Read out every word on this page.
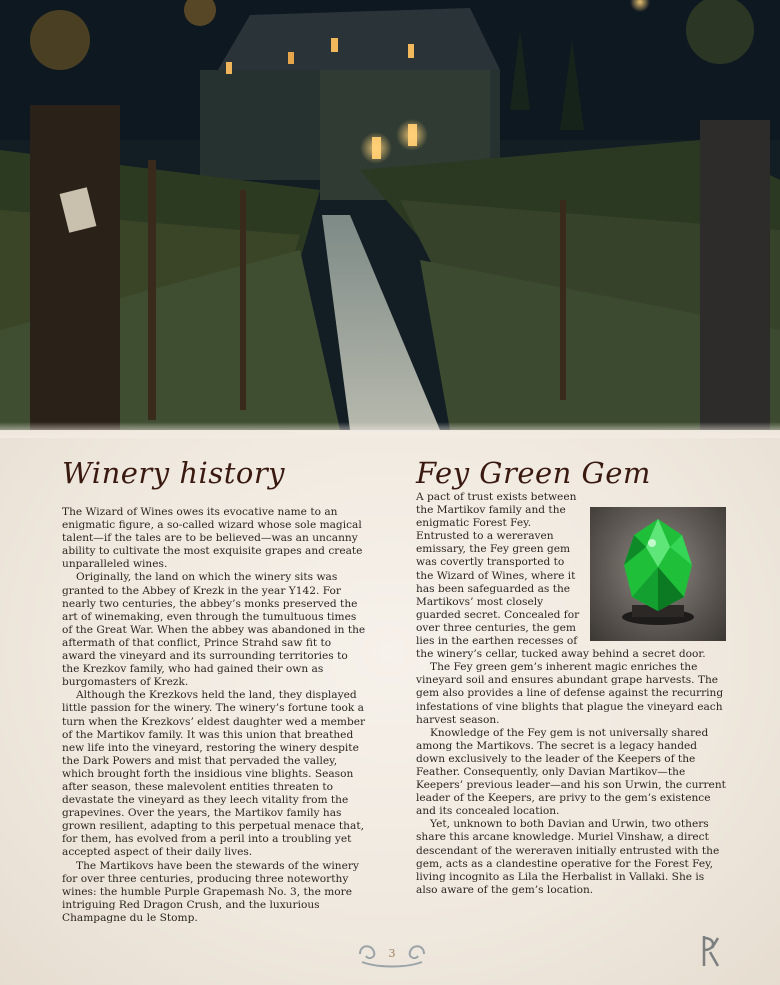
Winery history	Fey Green Gem

The Wizard of Wines owes its evocative name to an enigmatic figure, a so-called wizard whose sole magical talent—if the tales are to be believed—was an uncanny ability to cultivate the most exquisite grapes and create unparalleled wines.

Originally, the land on which the winery sits was granted to the Abbey of Krezk in the year Y142. For nearly two centuries, the abbey’s monks preserved the art of winemaking, even through the tumultuous times of the Great War. When the abbey was abandoned in the aftermath of that conflict, Prince Strahd saw fit to award the vineyard and its surrounding territories to the Krezkov family, who had gained their own as burgomasters of Krezk.

Although the Krezkovs held the land, they displayed little passion for the winery. The winery’s fortune took a turn when the Krezkovs’ eldest daughter wed a member of the Martikov family. It was this union that breathed new life into the vineyard, restoring the winery despite the Dark Powers and mist that pervaded the valley, which brought forth the insidious vine blights. Season after season, these malevolent entities threaten to devastate the vineyard as they leech vitality from the grapevines. Over the years, the Martikov family has grown resilient, adapting to this perpetual menace that, for them, has evolved from a peril into a troubling yet accepted aspect of their daily lives.

The Martikovs have been the stewards of the winery for over three centuries, producing three noteworthy wines: the humble Purple Grapemash No. 3, the more intriguing Red Dragon Crush, and the luxurious Champagne du le Stomp.

A pact of trust exists between the Martikov family and the enigmatic Forest Fey. Entrusted to a wereraven emissary, the Fey green gem was covertly transported to the Wizard of Wines, where it has been safeguarded as the Martikovs’ most closely guarded secret. Concealed for over three centuries, the gem lies in the earthen recesses of the winery’s cellar, tucked away behind a secret door.

The Fey green gem’s inherent magic enriches the vineyard soil and ensures abundant grape harvests. The gem also provides a line of defense against the recurring infestations of vine blights that plague the vineyard each harvest season.

Knowledge of the Fey gem is not universally shared among the Martikovs. The secret is a legacy handed down exclusively to the leader of the Keepers of the Feather. Consequently, only Davian Martikov—the Keepers’ previous leader—and his son Urwin, the current leader of the Keepers, are privy to the gem’s existence and its concealed location.

Yet, unknown to both Davian and Urwin, two others share this arcane knowledge. Muriel Vinshaw, a direct descendant of the wereraven initially entrusted with the gem, acts as a clandestine operative for the Forest Fey, living incognito as Lila the Herbalist in Vallaki. She is also aware of the gem’s location.

3
